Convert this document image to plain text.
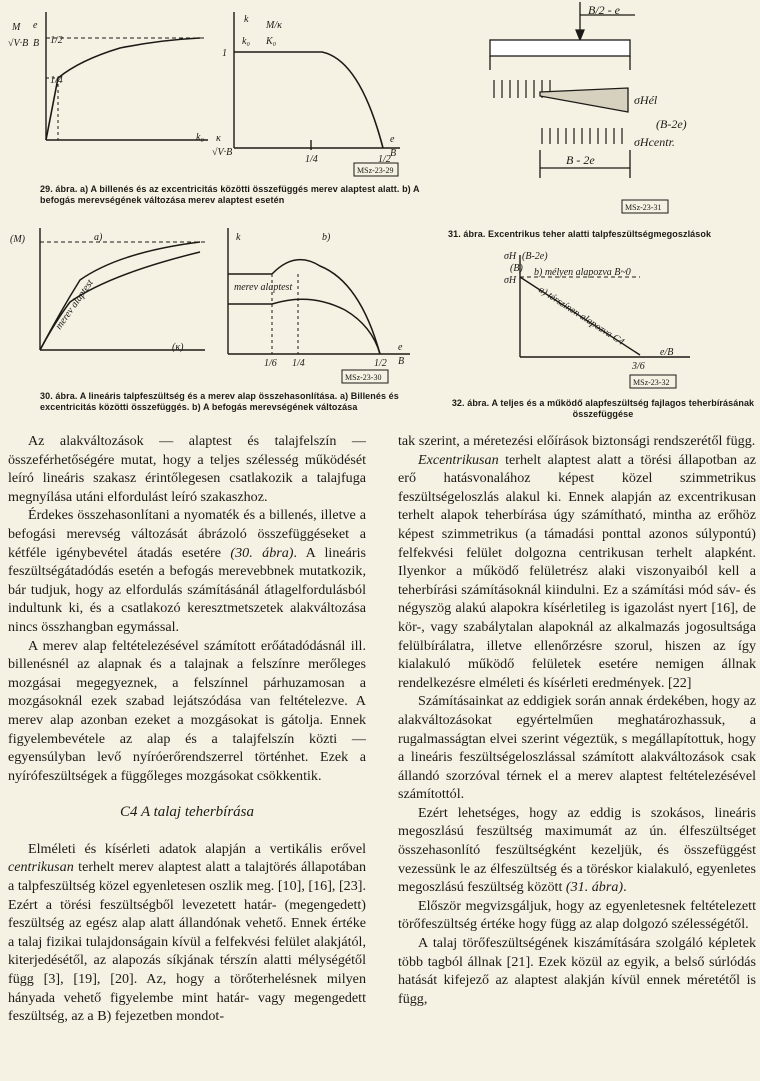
M
√V·B
e
B 1/2
1/4
k₀
k
k₀
M/κ
K₀
1
κ
√V·B
1/4	1/2
e
B
MSz-23-29
29. ábra. a) A billenés és az excentricitás közötti összefüggés merev alaptest alatt. b) A befogás merevségének változása merev alaptest esetén
(M)	a)
merev alaptest
(κ)
k	b)
merev alaptest
1/6 1/4	1/2
e
B
MSz-23-30
30. ábra. A lineáris talpfeszültség és a merev alap összehasonlítása. a) Billenés és excentricitás közötti összefüggés. b) A befogás merevségének változása
B/2 - e
σHél
(B-2e)
σHcentr.
B - 2e
MSz-23-31
31. ábra. Excentrikus teher alatti talpfeszültségmegoszlások
σH (B-2e)
σH
(B) b) mélyen alapozva B~0
a) térszínen alapozva C4
e/B
3/6
MSz-23-32
32. ábra. A teljes és a működő alapfeszültség fajlagos teherbírásának összefüggése

Az alakváltozások — alaptest és talajfelszín — összeférhetőségére mutat, hogy a teljes szélesség működését leíró lineáris szakasz érintőlegesen csatlakozik a talajfuga megnyílása utáni elfordulást leíró szakaszhoz.

Érdekes összehasonlítani a nyomaték és a billenés, illetve a befogási merevség változását ábrázoló összefüggéseket a kétféle igénybevétel átadás esetére (30. ábra). A lineáris feszültségátadódás esetén a befogás merevebbnek mutatkozik, bár tudjuk, hogy az elfordulás számításánál átlagelfordulásból indultunk ki, és a csatlakozó keresztmetszetek alakváltozása nincs összhangban egymással.

A merev alap feltételezésével számított erőátadódásnál ill. billenésnél az alapnak és a talajnak a felszínre merőleges mozgásai megegyeznek, a felszínnel párhuzamosan a mozgásoknál ezek szabad lejátszódása van feltételezve. A merev alap azonban ezeket a mozgásokat is gátolja. Ennek figyelembevétele az alap és a talajfelszín közti — egyensúlyban levő nyíróerőrendszerrel történhet. Ezek a nyírófeszültségek a függőleges mozgásokat csökkentik.

C4 A talaj teherbírása

Elméleti és kísérleti adatok alapján a vertikális erővel centrikusan terhelt merev alaptest alatt a talajtörés állapotában a talpfeszültség közel egyenletesen oszlik meg. [10], [16], [23]. Ezért a törési feszültségből levezetett határ- (megengedett) feszültség az egész alap alatt állandónak vehető. Ennek értéke a talaj fizikai tulajdonságain kívül a felfekvési felület alakjától, kiterjedésétől, az alapozás síkjának térszín alatti mélységétől függ [3], [19], [20]. Az, hogy a törőterhelésnek milyen hányada vehető figyelembe mint határ- vagy megengedett feszültség, az a B) fejezetben mondot-

tak szerint, a méretezési előírások biztonsági rendszerétől függ.

Excentrikusan terhelt alaptest alatt a törési állapotban az erő hatásvonalához képest közel szimmetrikus feszültségeloszlás alakul ki. Ennek alapján az excentrikusan terhelt alapok teherbírása úgy számítható, mintha az erőhöz képest szimmetrikus (a támadási ponttal azonos súlypontú) felfekvési felület dolgozna centrikusan terhelt alapként. Ilyenkor a működő felületrész alaki viszonyaiból kell a teherbírási számításoknál kiindulni. Ez a számítási mód sáv- és négyszög alakú alapokra kísérletileg is igazolást nyert [16], de kör-, vagy szabálytalan alapoknál az alkalmazás jogosultsága felülbírálatra, illetve ellenőrzésre szorul, hiszen az így kialakuló működő felületek esetére nemigen állnak rendelkezésre elméleti és kísérleti eredmények. [22]

Számításainkat az eddigiek során annak érdekében, hogy az alakváltozásokat egyértelműen meghatározhassuk, a rugalmasságtan elvei szerint végeztük, s megállapítottuk, hogy a lineáris feszültségeloszlással számított alakváltozások csak állandó szorzóval térnek el a merev alaptest feltételezésével számítottól.

Ezért lehetséges, hogy az eddig is szokásos, lineáris megoszlású feszültség maximumát az ún. élfeszültséget összehasonlító feszültségként kezeljük, és összefüggést vezessünk le az élfeszültség és a töréskor kialakuló, egyenletes megoszlású feszültség között (31. ábra).

Először megvizsgáljuk, hogy az egyenletesnek feltételezett törőfeszültség értéke hogy függ az alap dolgozó szélességétől.

A talaj törőfeszültségének kiszámítására szolgáló képletek több tagból állnak [21]. Ezek közül az egyik, a belső súrlódás hatását kifejező az alaptest alakján kívül ennek méretétől is függ,
